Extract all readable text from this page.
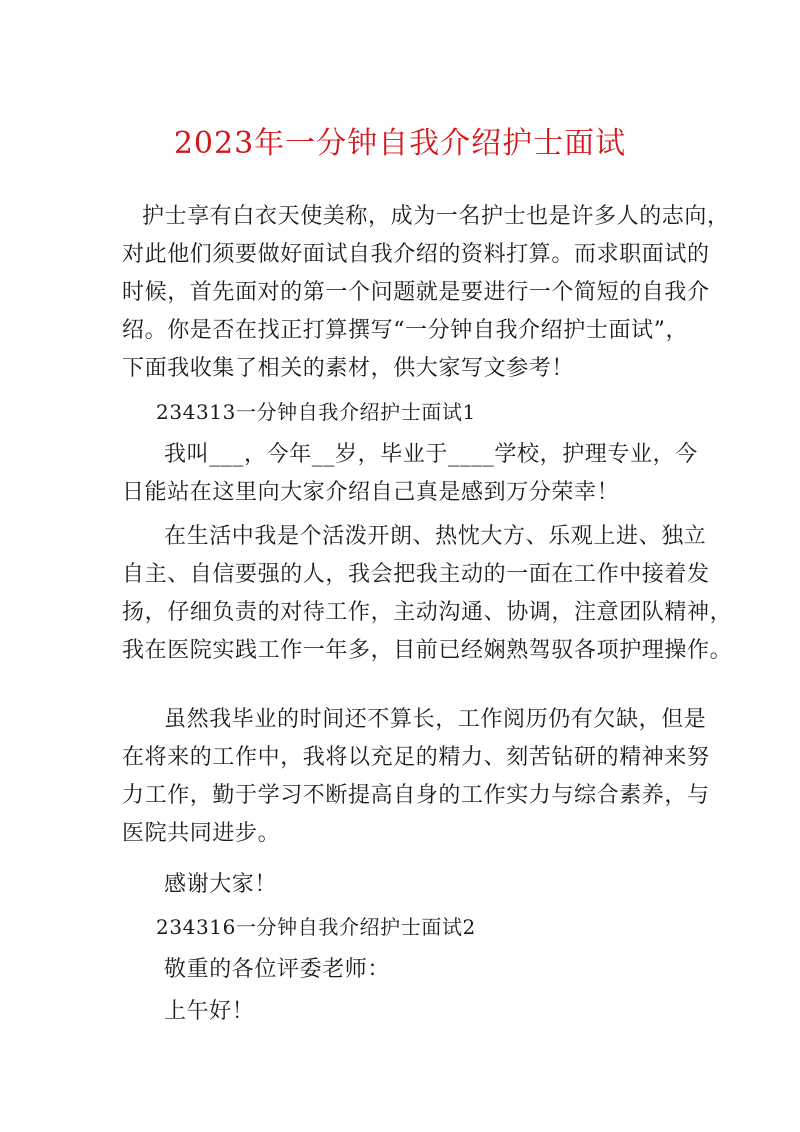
2023年一分钟自我介绍护士面试
护士享有白衣天使美称，成为一名护士也是许多人的志向，
对此他们须要做好面试自我介绍的资料打算。而求职面试的
时候，首先面对的第一个问题就是要进行一个简短的自我介
绍。你是否在找正打算撰写“一分钟自我介绍护士面试”，
下面我收集了相关的素材，供大家写文参考！
234313一分钟自我介绍护士面试1
我叫___，今年__岁，毕业于____学校，护理专业，今
日能站在这里向大家介绍自己真是感到万分荣幸！
在生活中我是个活泼开朗、热忱大方、乐观上进、独立
自主、自信要强的人，我会把我主动的一面在工作中接着发
扬，仔细负责的对待工作，主动沟通、协调，注意团队精神，
我在医院实践工作一年多，目前已经娴熟驾驭各项护理操作。
虽然我毕业的时间还不算长，工作阅历仍有欠缺，但是
在将来的工作中，我将以充足的精力、刻苦钻研的精神来努
力工作，勤于学习不断提高自身的工作实力与综合素养，与
医院共同进步。
感谢大家！
234316一分钟自我介绍护士面试2
敬重的各位评委老师：
上午好！
